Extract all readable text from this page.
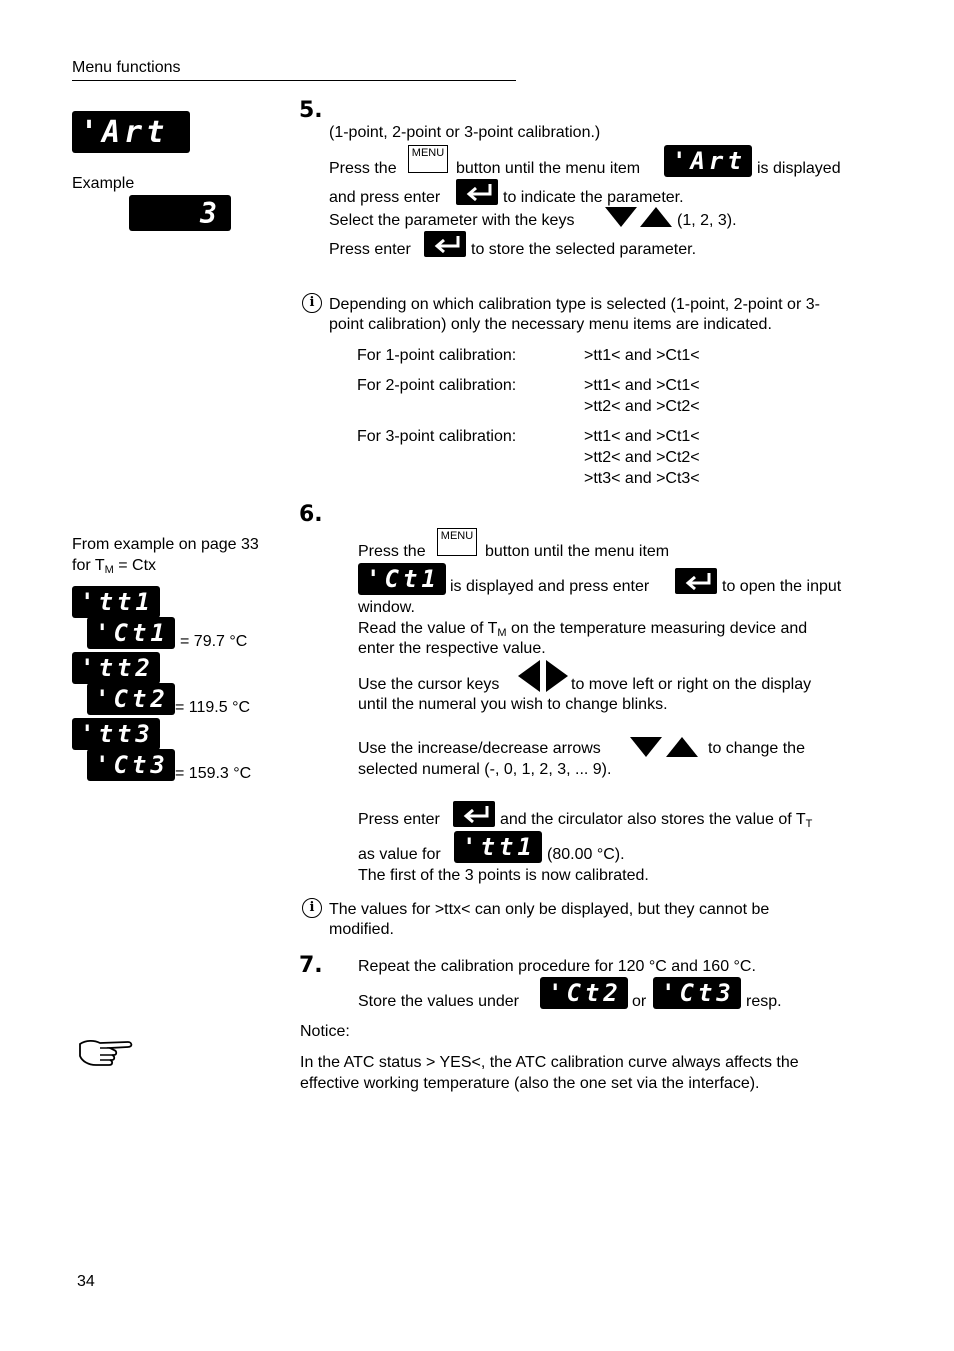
Menu functions
'Art
Example
3
From example on page 33
for $T_M$ = Ctx
'tt1
'Ct1 = 79.7 °C
'tt2
'Ct2 = 119.5 °C
'tt3
'Ct3 = 159.3 °C
5.
(1-point, 2-point or 3-point calibration.)
Press the
MENU
button until the menu item	'Art is displayed
and press enter	to indicate the parameter.
Select the parameter with the keys	(1, 2, 3).
Press enter	to store the selected parameter.
i Depending on which calibration type is selected (1-point, 2-point or 3-
point calibration) only the necessary menu items are indicated.
For 1-point calibration:	>tt1< and >Ct1<
For 2-point calibration:	>tt1< and >Ct1<
>tt2< and >Ct2<
For 3-point calibration:	>tt1< and >Ct1<
>tt2< and >Ct2<
>tt3< and >Ct3<
6.
Press the
MENU
button until the menu item
'Ct1 is displayed and press enter	to open the input
window.
Read the value of $T_M$ on the temperature measuring device and
enter the respective value.
Use the cursor keys	to move left or right on the display
until the numeral you wish to change blinks.
Use the increase/decrease arrows	to change the
selected numeral (-, 0, 1, 2, 3, ... 9).
Press enter	and the circulator also stores the value of $T_T$
as value for 'tt1 (80.00 °C).
The first of the 3 points is now calibrated.
i The values for >ttx< can only be displayed, but they cannot be
modified.
7. Repeat the calibration procedure for 120 °C and 160 °C.
Store the values under	'Ct2 or 'Ct3 resp.
Notice:
In the ATC status > YES<, the ATC calibration curve always affects the
effective working temperature (also the one set via the interface).
34
